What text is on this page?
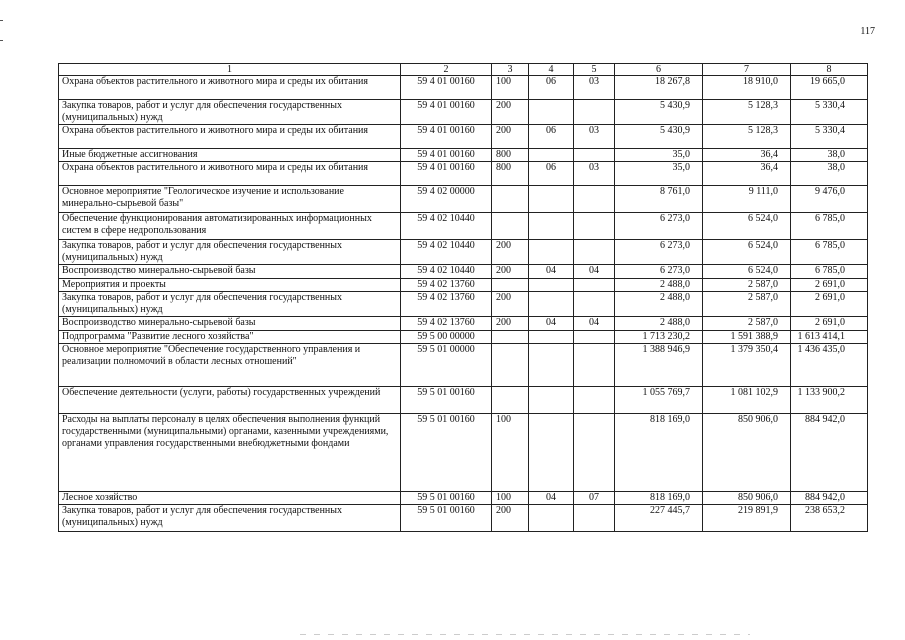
117
1	2	3	4	5	6	7	8
Охрана объектов растительного и животного мира и среды их обитания	59 4 01 00160	100	06	03	18 267,8	18 910,0	19 665,0
Закупка товаров, работ и услуг для обеспечения государственных (муниципальных) нужд	59 4 01 00160	200			5 430,9	5 128,3	5 330,4
Охрана объектов растительного и животного мира и среды их обитания	59 4 01 00160	200	06	03	5 430,9	5 128,3	5 330,4
Иные бюджетные ассигнования	59 4 01 00160	800			35,0	36,4	38,0
Охрана объектов растительного и животного мира и среды их обитания	59 4 01 00160	800	06	03	35,0	36,4	38,0
Основное мероприятие "Геологическое изучение и использование минерально-сырьевой базы"	59 4 02 00000				8 761,0	9 111,0	9 476,0
Обеспечение функционирования автоматизированных информационных систем в сфере недропользования	59 4 02 10440				6 273,0	6 524,0	6 785,0
Закупка товаров, работ и услуг для обеспечения государственных (муниципальных) нужд	59 4 02 10440	200			6 273,0	6 524,0	6 785,0
Воспроизводство минерально-сырьевой базы	59 4 02 10440	200	04	04	6 273,0	6 524,0	6 785,0
Мероприятия и проекты	59 4 02 13760				2 488,0	2 587,0	2 691,0
Закупка товаров, работ и услуг для обеспечения государственных (муниципальных) нужд	59 4 02 13760	200			2 488,0	2 587,0	2 691,0
Воспроизводство минерально-сырьевой базы	59 4 02 13760	200	04	04	2 488,0	2 587,0	2 691,0
Подпрограмма "Развитие лесного хозяйства"	59 5 00 00000				1 713 230,2	1 591 388,9	1 613 414,1
Основное мероприятие "Обеспечение государственного управления и реализации полномочий в области лесных отношений"	59 5 01 00000				1 388 946,9	1 379 350,4	1 436 435,0
Обеспечение деятельности (услуги, работы) государственных учреждений	59 5 01 00160				1 055 769,7	1 081 102,9	1 133 900,2
Расходы на выплаты персоналу в целях обеспечения выполнения функций государственными (муниципальными) органами, казенными учреждениями, органами управления государственными внебюджетными фондами	59 5 01 00160	100			818 169,0	850 906,0	884 942,0
Лесное хозяйство	59 5 01 00160	100	04	07	818 169,0	850 906,0	884 942,0
Закупка товаров, работ и услуг для обеспечения государственных (муниципальных) нужд	59 5 01 00160	200			227 445,7	219 891,9	238 653,2
